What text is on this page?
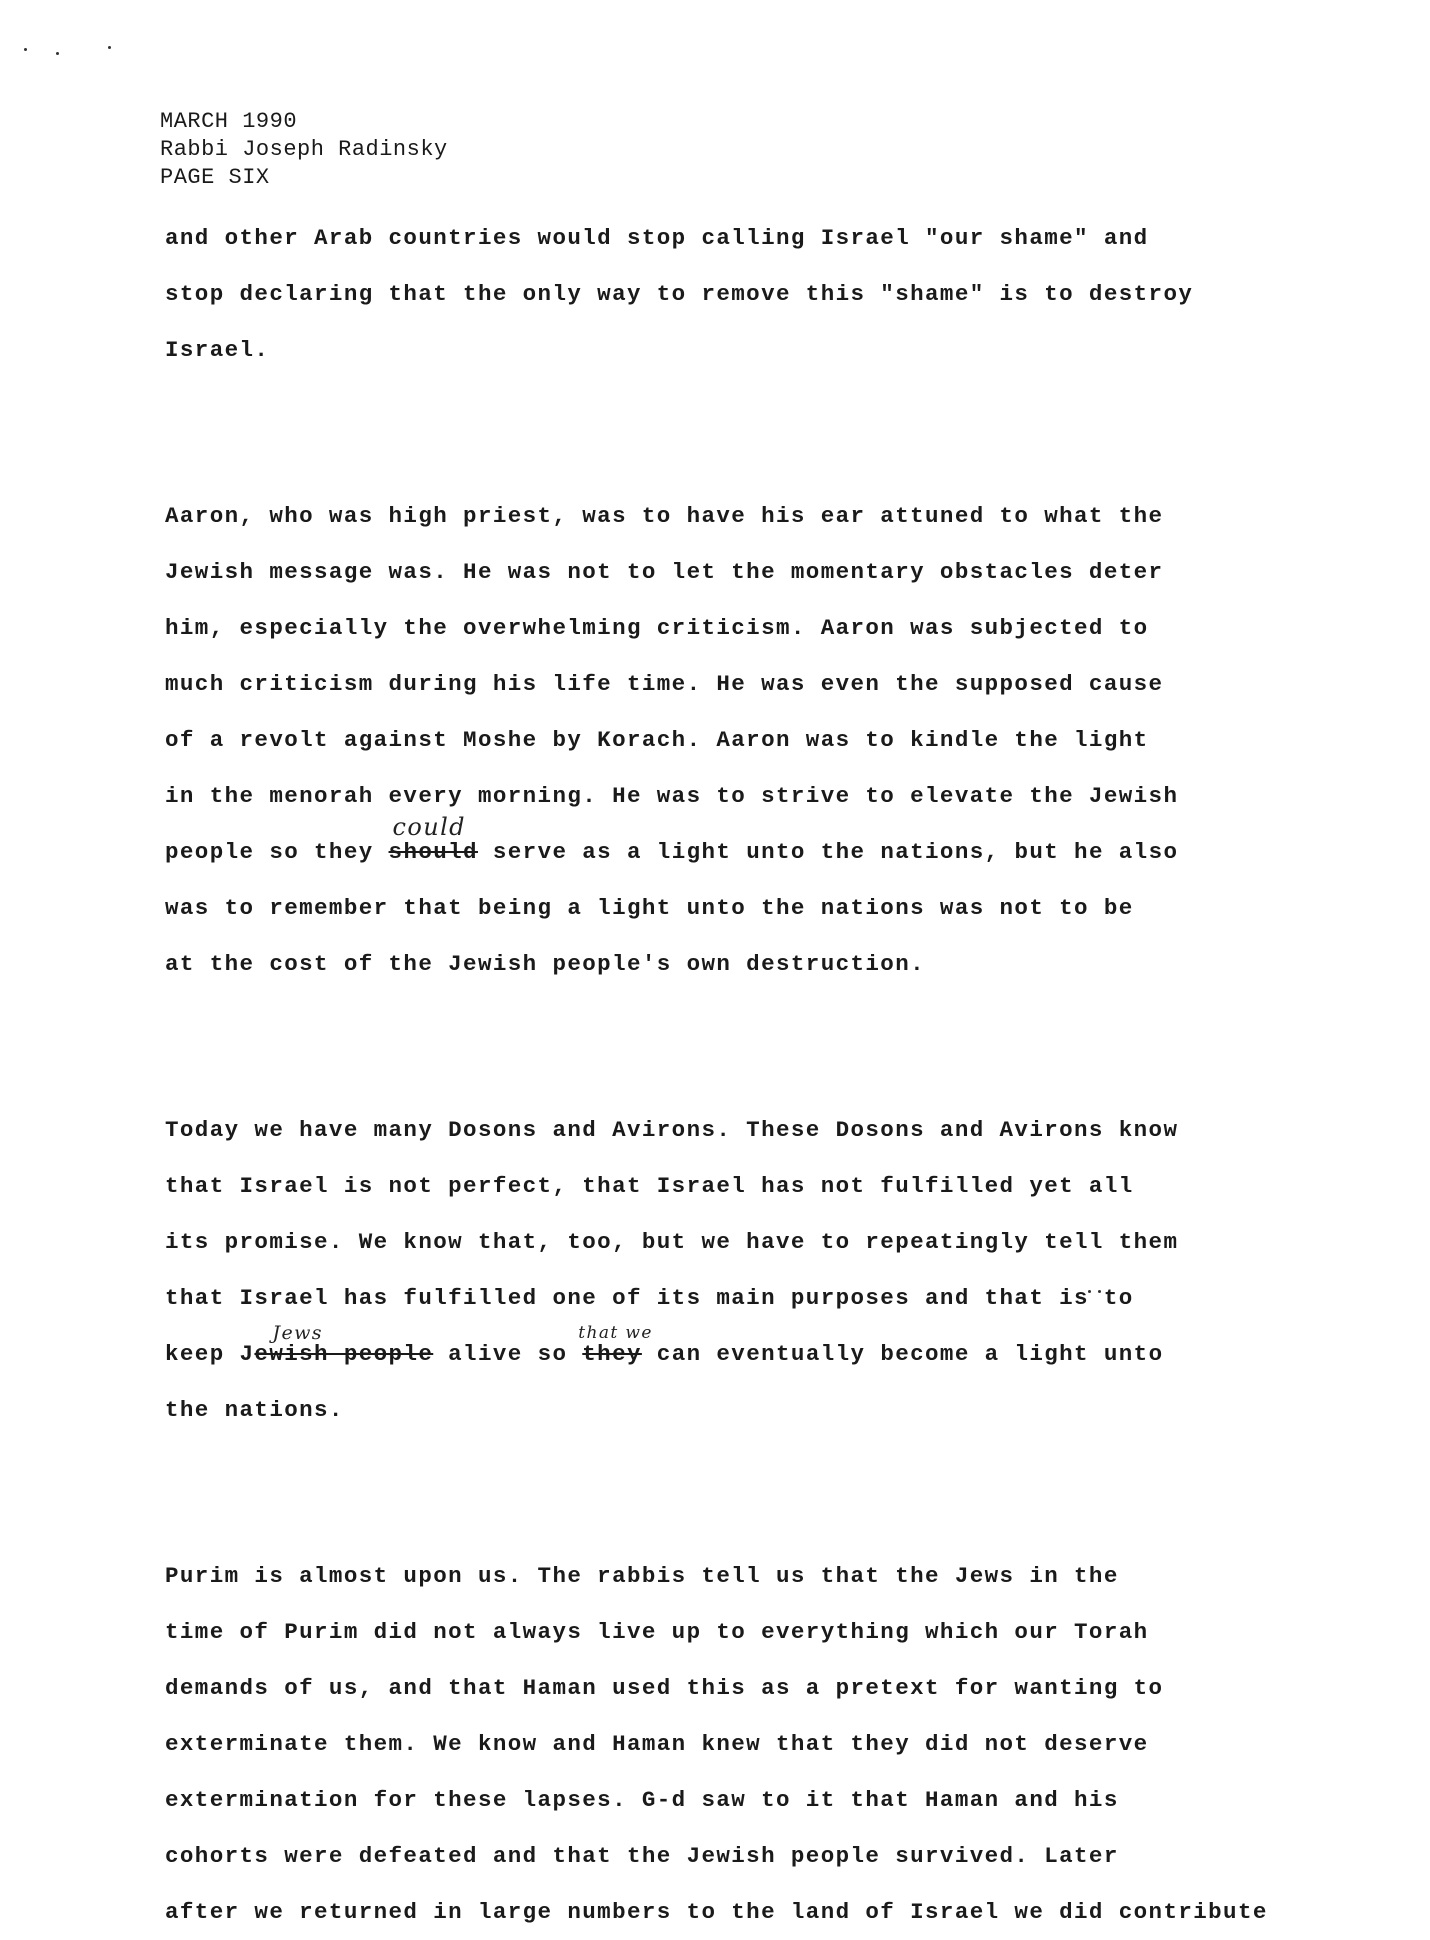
MARCH 1990
Rabbi Joseph Radinsky
PAGE SIX
and other Arab countries would stop calling Israel "our shame" and
stop declaring that the only way to remove this "shame" is to destroy
Israel.
Aaron, who was high priest, was to have his ear attuned to what the
Jewish message was. He was not to let the momentary obstacles deter
him, especially the overwhelming criticism. Aaron was subjected to
much criticism during his life time. He was even the supposed cause
of a revolt against Moshe by Korach. Aaron was to kindle the light
in the menorah every morning. He was to strive to elevate the Jewish
people so they
could
should serve as a light unto the nations, but he also
was to remember that being a light unto the nations was not to be
at the cost of the Jewish people's own destruction.
Today we have many Dosons and Avirons. These Dosons and Avirons know
that Israel is not perfect, that Israel has not fulfilled yet all
its promise. We know that, too, but we have to repeatingly tell them
that Israel has fulfilled one of its main purposes and that is to
keep J
Jews
ewish people alive so
that we
they can eventually become a light unto
the nations.
Purim is almost upon us. The rabbis tell us that the Jews in the
time of Purim did not always live up to everything which our Torah
demands of us, and that Haman used this as a pretext for wanting to
exterminate them. We know and Haman knew that they did not deserve
extermination for these lapses. G-d saw to it that Haman and his
cohorts were defeated and that the Jewish people survived. Later
after we returned in large numbers to the land of Israel we did contribute
